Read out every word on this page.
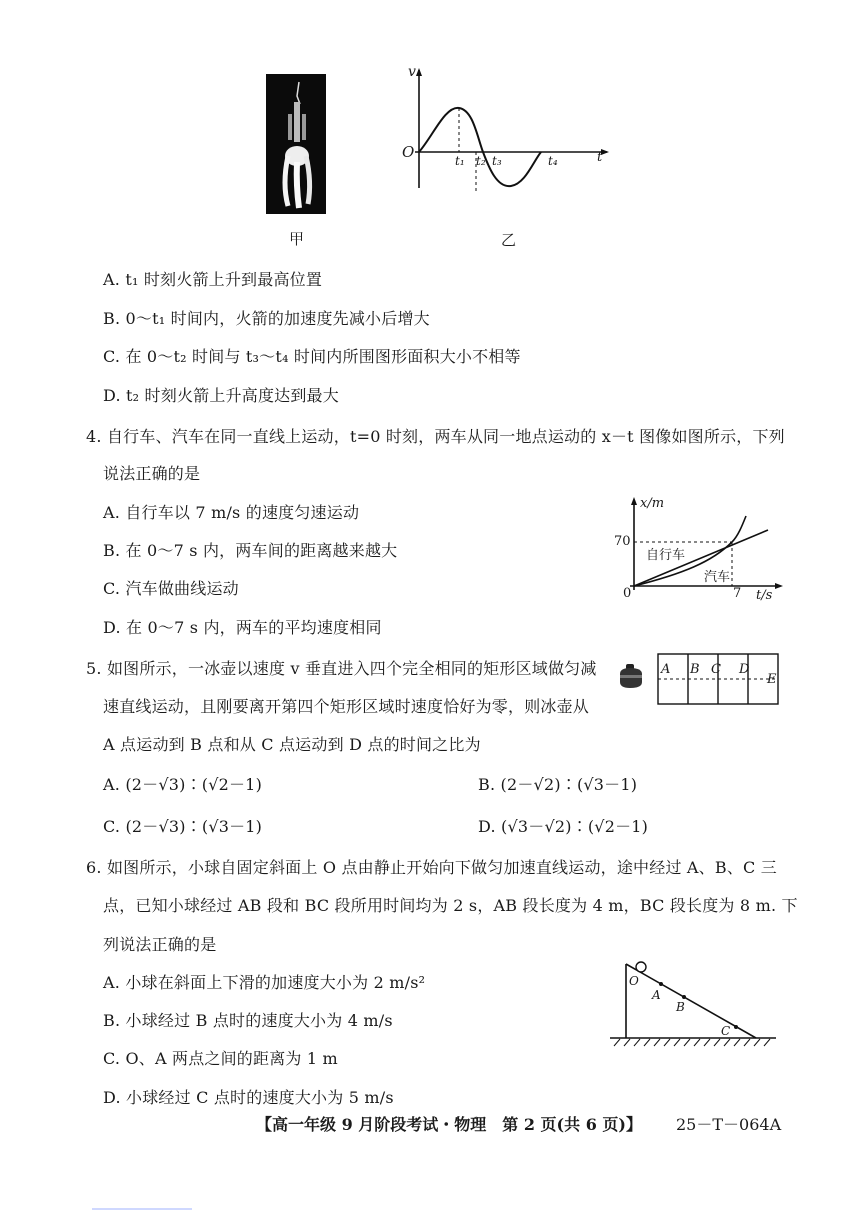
甲
v
O	t
t₁ t₂ t₃	t₄
乙
A. t₁ 时刻火箭上升到最高位置
B. 0～t₁ 时间内，火箭的加速度先减小后增大
C. 在 0～t₂ 时间与 t₃～t₄ 时间内所围图形面积大小不相等
D. t₂ 时刻火箭上升高度达到最大
4. 自行车、汽车在同一直线上运动，t=0 时刻，两车从同一地点运动的 x－t 图像如图所示，下列
说法正确的是
A. 自行车以 7 m/s 的速度匀速运动
B. 在 0～7 s 内，两车间的距离越来越大
C. 汽车做曲线运动
D. 在 0～7 s 内，两车的平均速度相同
x/m
70
自行车
汽车
0	7 t/s
5. 如图所示，一冰壶以速度 v 垂直进入四个完全相同的矩形区域做匀减
速直线运动，且刚要离开第四个矩形区域时速度恰好为零，则冰壶从
A 点运动到 B 点和从 C 点运动到 D 点的时间之比为
A B C D
E
A. (2－√3)∶(√2－1)	B. (2－√2)∶(√3－1)
C. (2－√3)∶(√3－1)	D. (√3－√2)∶(√2－1)
6. 如图所示，小球自固定斜面上 O 点由静止开始向下做匀加速直线运动，途中经过 A、B、C 三
点，已知小球经过 AB 段和 BC 段所用时间均为 2 s，AB 段长度为 4 m，BC 段长度为 8 m. 下
列说法正确的是
A. 小球在斜面上下滑的加速度大小为 2 m/s²
B. 小球经过 B 点时的速度大小为 4 m/s
C. O、A 两点之间的距离为 1 m
D. 小球经过 C 点时的速度大小为 5 m/s
O
A
B
C
【高一年级 9 月阶段考试・物理　第 2 页(共 6 页)】 25－T－064A
